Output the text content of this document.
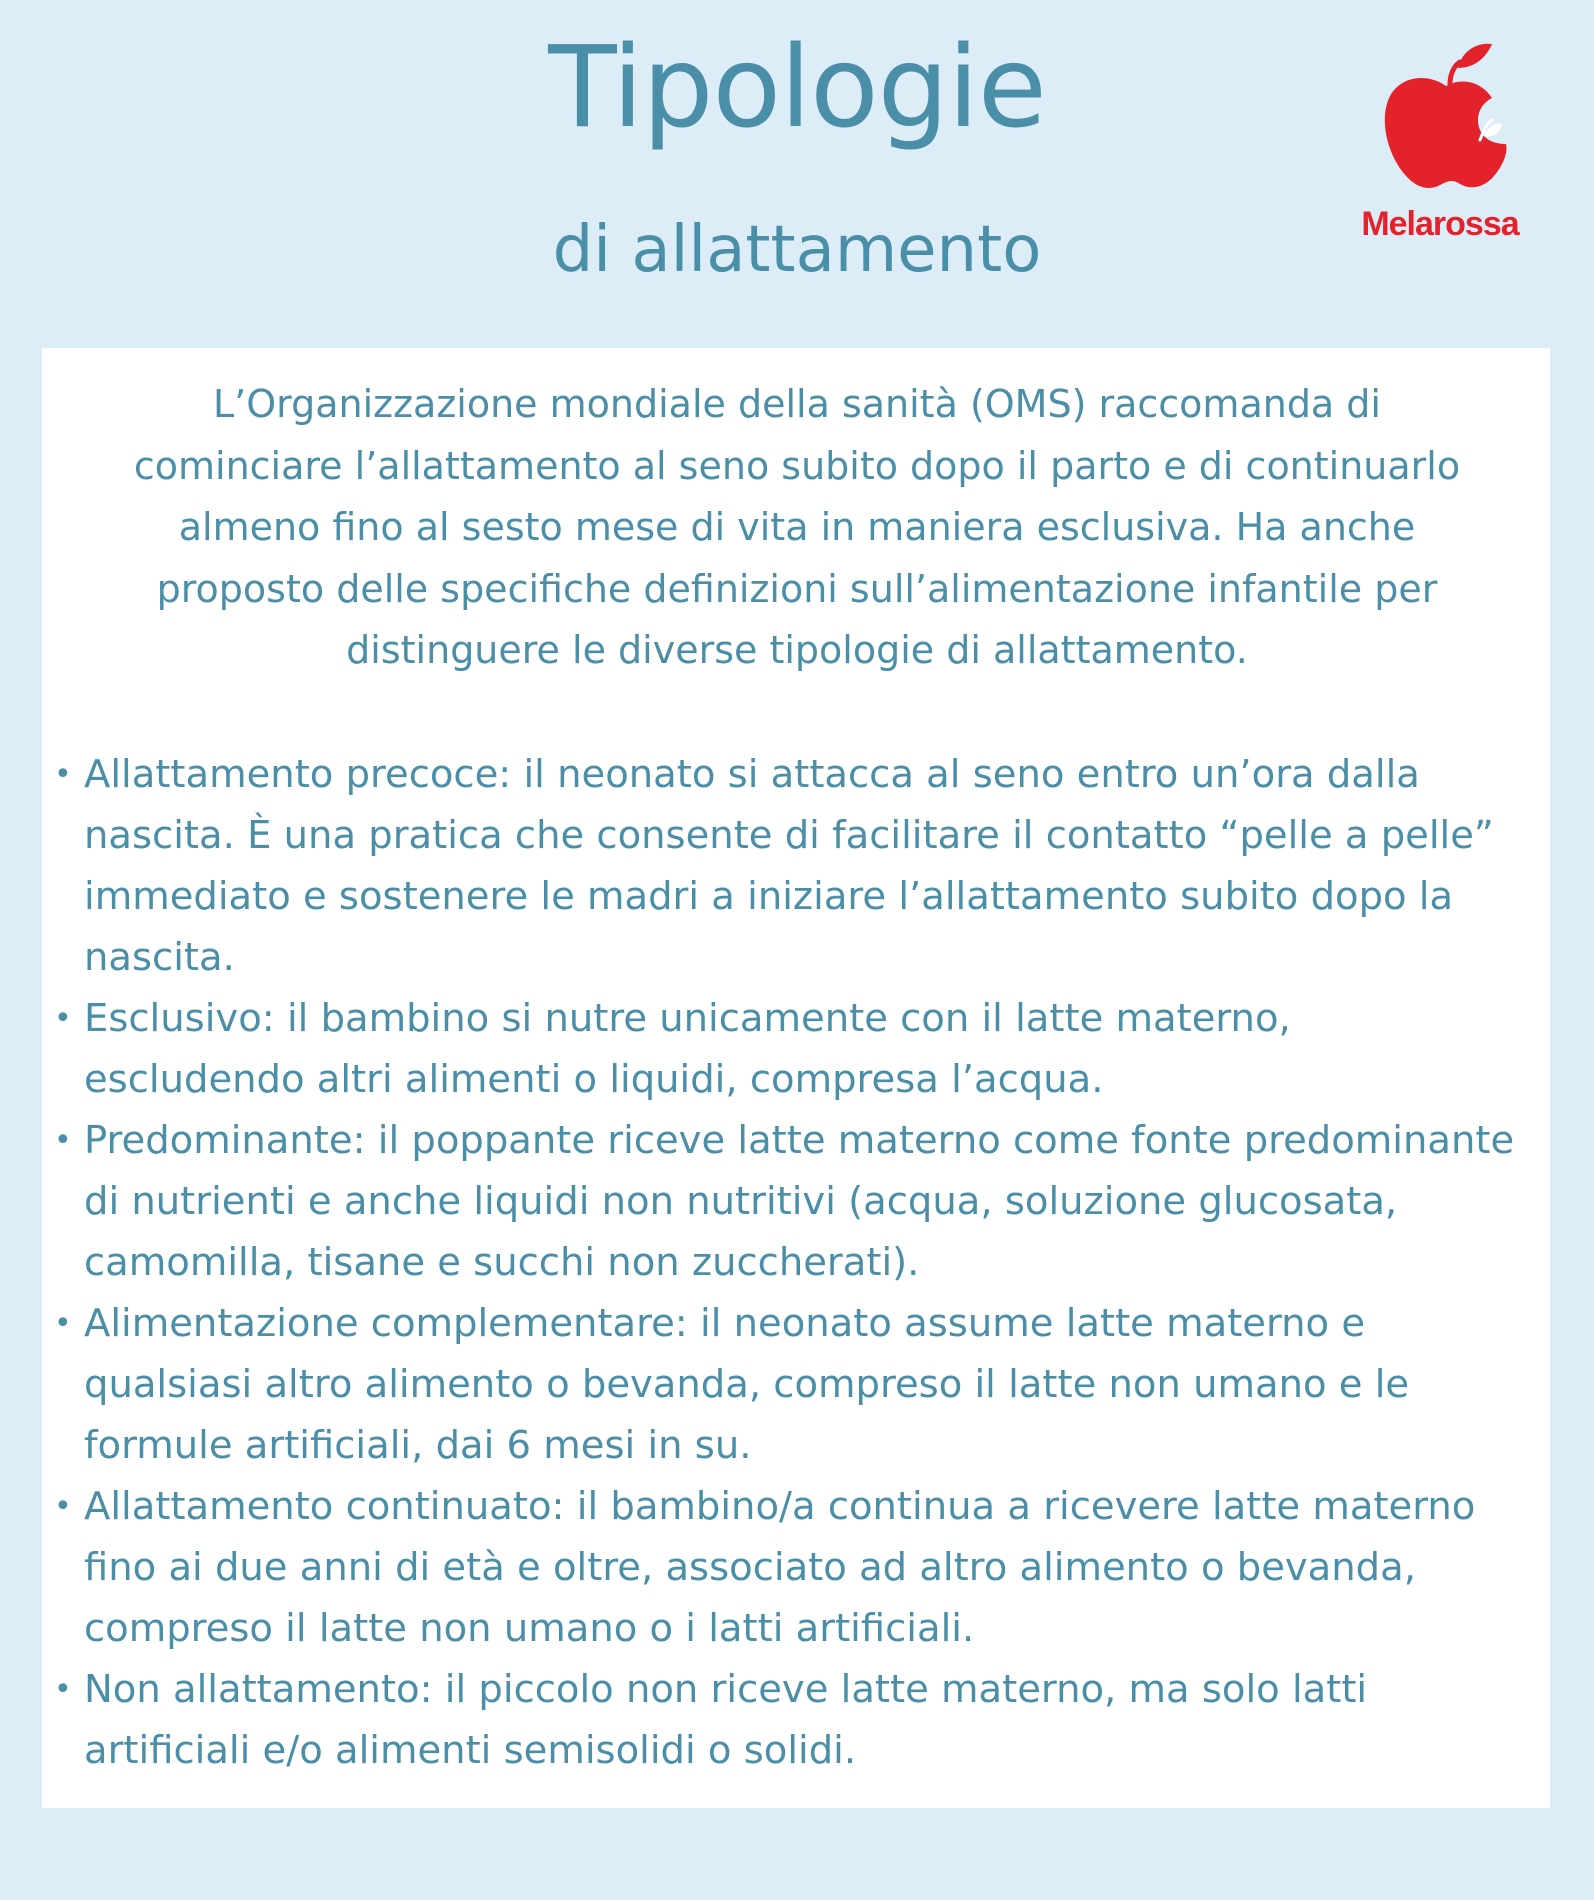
Tipologie
di allattamento	Melarossa

L’Organizzazione mondiale della sanità (OMS) raccomanda di cominciare l’allattamento al seno subito dopo il parto e di continuarlo almeno fino al sesto mese di vita in maniera esclusiva. Ha anche proposto delle specifiche definizioni sull’alimentazione infantile per distinguere le diverse tipologie di allattamento.

• Allattamento precoce: il neonato si attacca al seno entro un’ora dalla nascita. È una pratica che consente di facilitare il contatto “pelle a pelle” immediato e sostenere le madri a iniziare l’allattamento subito dopo la nascita.
• Esclusivo: il bambino si nutre unicamente con il latte materno, escludendo altri alimenti o liquidi, compresa l’acqua.
• Predominante: il poppante riceve latte materno come fonte predominante di nutrienti e anche liquidi non nutritivi (acqua, soluzione glucosata, camomilla, tisane e succhi non zuccherati).
• Alimentazione complementare: il neonato assume latte materno e qualsiasi altro alimento o bevanda, compreso il latte non umano e le formule artificiali, dai 6 mesi in su.
• Allattamento continuato: il bambino/a continua a ricevere latte materno fino ai due anni di età e oltre, associato ad altro alimento o bevanda, compreso il latte non umano o i latti artificiali.
• Non allattamento: il piccolo non riceve latte materno, ma solo latti artificiali e/o alimenti semisolidi o solidi.
